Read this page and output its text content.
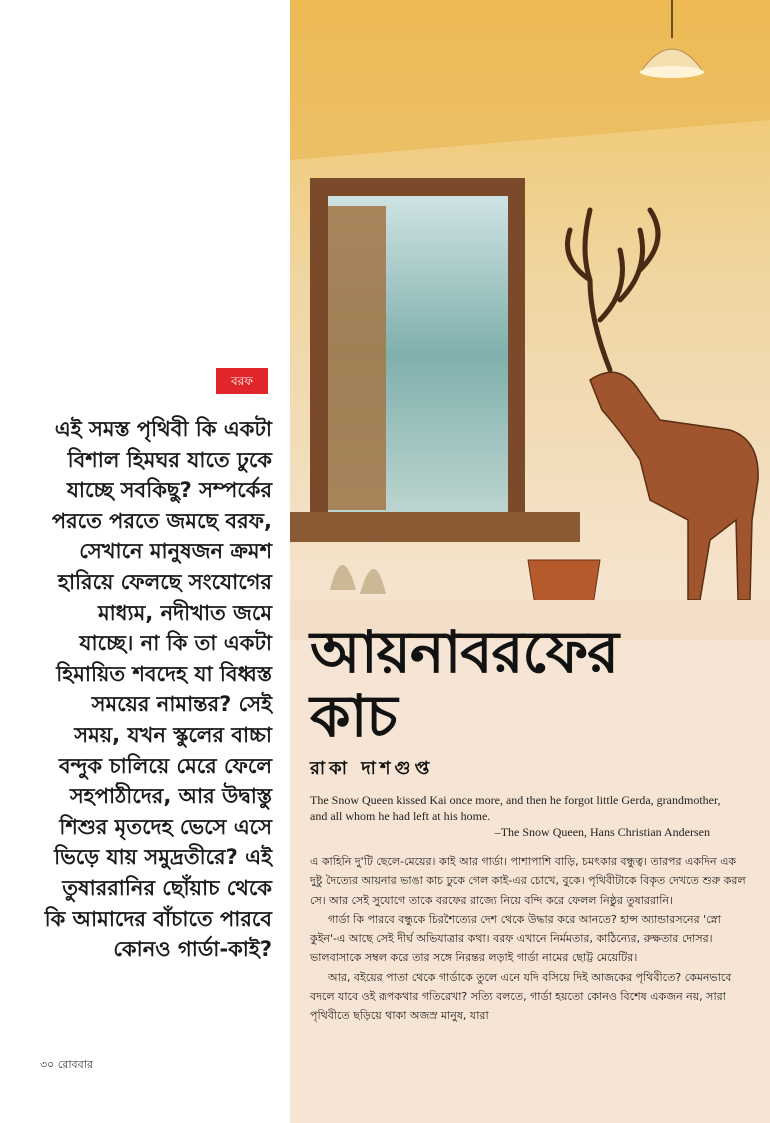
বরফ
এই সমস্ত পৃথিবী কি একটা বিশাল হিমঘর যাতে ঢুকে যাচ্ছে সবকিছু? সম্পর্কের পরতে পরতে জমছে বরফ, সেখানে মানুষজন ক্রমশ হারিয়ে ফেলছে সংযোগের মাধ্যম, নদীখাত জমে যাচ্ছে। না কি তা একটা হিমায়িত শবদেহ যা বিধ্বস্ত সময়ের নামান্তর? সেই সময়, যখন স্কুলের বাচ্চা বন্দুক চালিয়ে মেরে ফেলে সহপাঠীদের, আর উদ্বাস্তু শিশুর মৃতদেহ ভেসে এসে ভিড়ে যায় সমুদ্রতীরে? এই তুষাররানির ছোঁয়াচ থেকে কি আমাদের বাঁচাতে পারবে কোনও গার্ডা-কাই?
৩০ রোববার
আয়নাবরফের
কাচ
রাকা দাশগুপ্ত
The Snow Queen kissed Kai once more, and then he forgot little Gerda, grandmother, and all whom he had left at his home.
–The Snow Queen, Hans Christian Andersen

এ কাহিনি দু'টি ছেলে-মেয়ের। কাই আর গার্ডা। পাশাপাশি বাড়ি, চমৎকার বন্ধুত্ব। তারপর একদিন এক দুষ্টু দৈত্যের আয়নার ভাঙা কাচ ঢুকে গেল কাই-এর চোখে, বুকে। পৃথিবীটাকে বিকৃত দেখতে শুরু করল সে। আর সেই সুযোগে তাকে বরফের রাজ্যে নিয়ে বন্দি করে ফেলল নিষ্ঠুর তুষাররানি।

গার্ডা কি পারবে বন্ধুকে চিরশৈত্যের দেশ থেকে উদ্ধার করে আনতে? হান্স অ্যান্ডারসনের 'স্নো কুইন'-এ আছে সেই দীর্ঘ অভিযাত্রার কথা। বরফ এখানে নির্মমতার, কাঠিন্যের, রুক্ষতার দোসর। ভালবাসাকে সম্বল করে তার সঙ্গে নিরন্তর লড়াই গার্ডা নামের ছোট্ট মেয়েটির।

আর, বইয়ের পাতা থেকে গার্ডাকে তুলে এনে যদি বসিয়ে দিই আজকের পৃথিবীতে? কেমনভাবে বদলে যাবে ওই রূপকথার গতিরেখা? সত্যি বলতে, গার্ডা হয়তো কোনও বিশেষ একজন নয়, সারা পৃথিবীতে ছড়িয়ে থাকা অজস্র মানুষ, যারা
